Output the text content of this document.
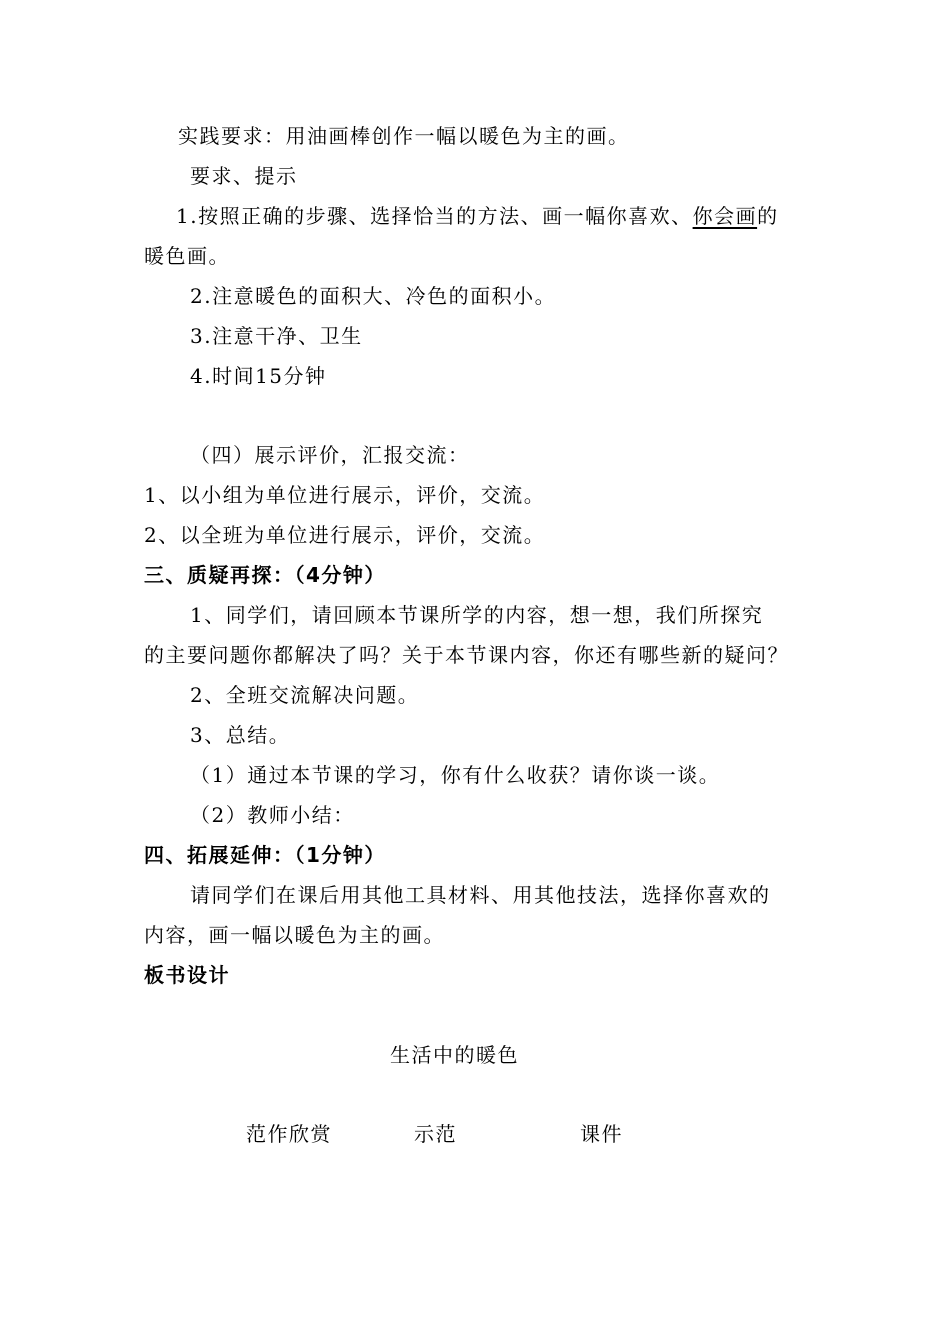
实践要求：用油画棒创作一幅以暖色为主的画。
要求、提示
1.按照正确的步骤、选择恰当的方法、画一幅你喜欢、你会画的
暖色画。
2.注意暖色的面积大、冷色的面积小。
3.注意干净、卫生
4.时间15分钟
（四）展示评价，汇报交流：
1、以小组为单位进行展示，评价，交流。
2、以全班为单位进行展示，评价，交流。
三、质疑再探：（4分钟）
1、同学们，请回顾本节课所学的内容，想一想，我们所探究
的主要问题你都解决了吗？关于本节课内容，你还有哪些新的疑问？
2、全班交流解决问题。
3、总结。
（1）通过本节课的学习，你有什么收获？请你谈一谈。
（2）教师小结：
四、拓展延伸：（1分钟）
请同学们在课后用其他工具材料、用其他技法，选择你喜欢的
内容，画一幅以暖色为主的画。
板书设计
生活中的暖色
范作欣赏	示范	课件
